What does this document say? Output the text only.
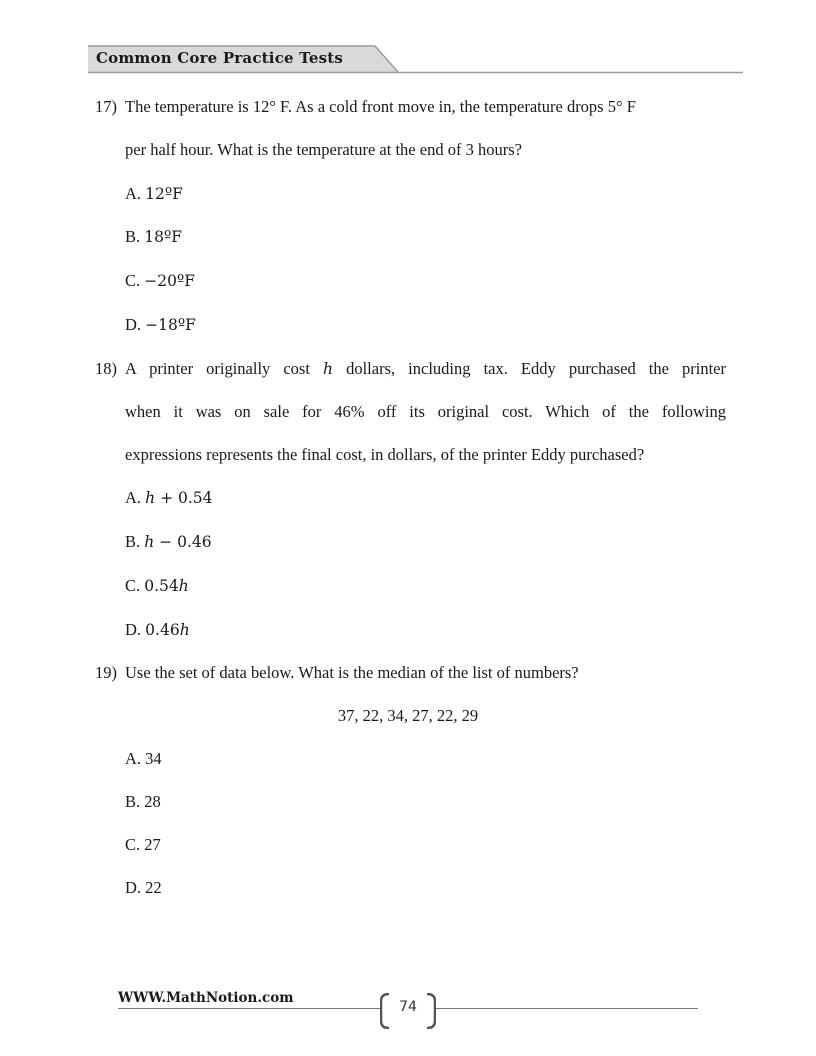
Common Core Practice Tests
17) The temperature is 12° F. As a cold front move in, the temperature drops 5° F
per half hour. What is the temperature at the end of 3 hours?
A. 12ºF
B. 18ºF
C. −20ºF
D. −18ºF
18) A printer originally cost h dollars, including tax. Eddy purchased the printer
when it was on sale for 46% off its original cost. Which of the following
expressions represents the final cost, in dollars, of the printer Eddy purchased?
A. h + 0.54
B. h − 0.46
C. 0.54h
D. 0.46h
19) Use the set of data below. What is the median of the list of numbers?
37, 22, 34, 27, 22, 29
A. 34
B. 28
C. 27
D. 22
WWW.MathNotion.com
74
